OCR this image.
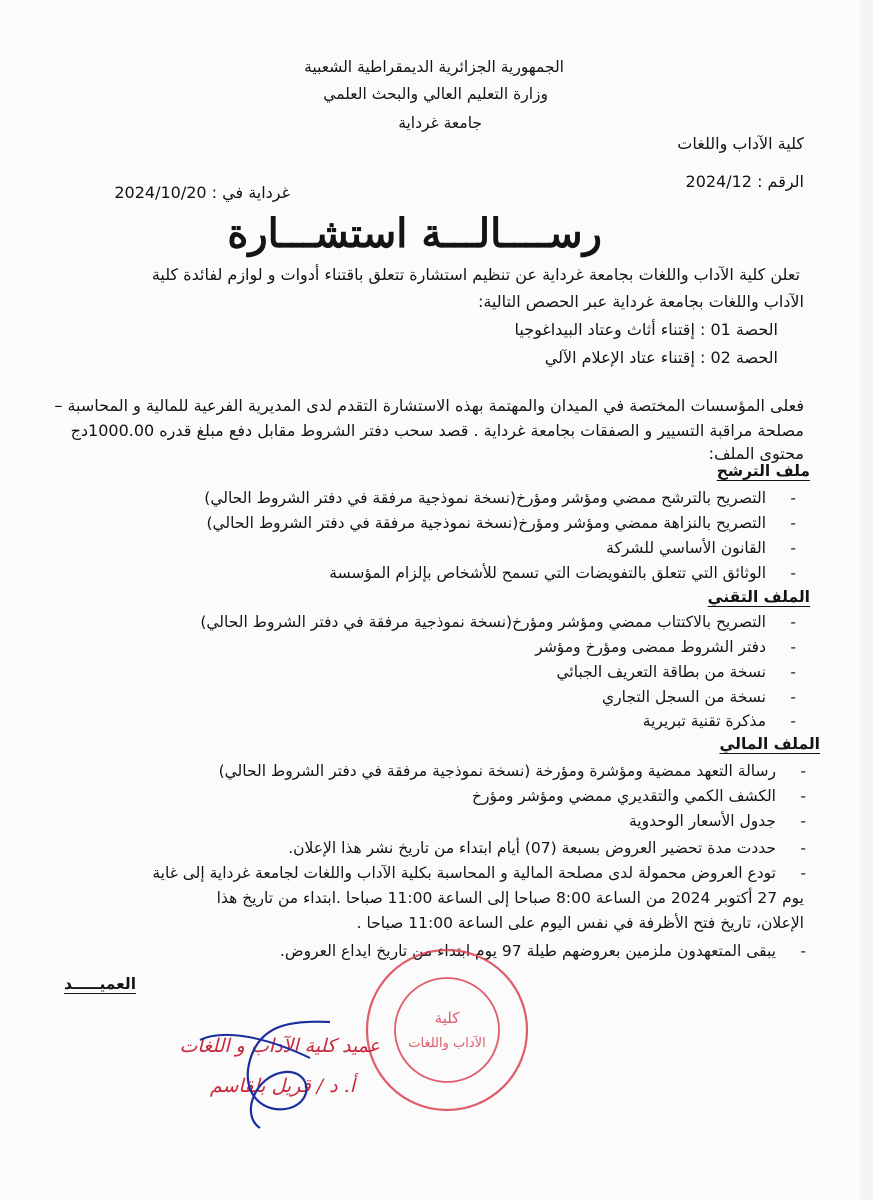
الجمهورية الجزائرية الديمقراطية الشعبية
وزارة التعليم العالي والبحث العلمي
جامعة غرداية
كلية الآداب واللغات
الرقم : 2024/12
غرداية في : 2024/10/20
رســــالـــة استشـــارة
تعلن كلية الآداب واللغات بجامعة غرداية عن تنظيم استشارة تتعلق باقتناء أدوات و لوازم لفائدة كلية
الآداب واللغات بجامعة غرداية عبر الحصص التالية:
الحصة 01 : إقتناء أثاث وعتاد البيداغوجيا
الحصة 02 : إقتناء عتاد الإعلام الآلي
فعلى المؤسسات المختصة في الميدان والمهتمة بهذه الاستشارة التقدم لدى المديرية الفرعية للمالية و المحاسبة –
مصلحة مراقبة التسيير و الصفقات بجامعة غرداية . قصد سحب دفتر الشروط مقابل دفع مبلغ قدره 1000.00دج
محتوى الملف:
ملف الترشح
-
التصريح بالترشح ممضي ومؤشر ومؤرخ(نسخة نموذجية مرفقة في دفتر الشروط الحالي)
-
التصريح بالنزاهة ممضي ومؤشر ومؤرخ(نسخة نموذجية مرفقة في دفتر الشروط الحالي)
-
القانون الأساسي للشركة
-
الوثائق التي تتعلق بالتفويضات التي تسمح للأشخاص بإلزام المؤسسة
الملف التقني
-
التصريح بالاكتتاب ممضي ومؤشر ومؤرخ(نسخة نموذجية مرفقة في دفتر الشروط الحالي)
-
دفتر الشروط ممضى ومؤرخ ومؤشر
-
نسخة من بطاقة التعريف الجبائي
-
نسخة من السجل التجاري
-
مذكرة تقنية تبريرية
الملف المالي
-
رسالة التعهد ممضية ومؤشرة ومؤرخة (نسخة نموذجية مرفقة في دفتر الشروط الحالي)
-
الكشف الكمي والتقديري ممضي ومؤشر ومؤرخ
-
جدول الأسعار الوحدوية
-
حددت مدة تحضير العروض بسبعة (07) أيام ابتداء من تاريخ نشر هذا الإعلان.
-
تودع العروض محمولة لدى مصلحة المالية و المحاسبة بكلية الآداب واللغات لجامعة غرداية إلى غاية
يوم 27 أكتوبر 2024 من الساعة 8:00 صباحا إلى الساعة 11:00 صباحا .ابتداء من تاريخ هذا
الإعلان، تاريخ فتح الأظرفة في نفس اليوم على الساعة 11:00 صباحا .
-
يبقى المتعهدون ملزمين بعروضهم طيلة 97 يوم ابتداء من تاريخ ايداع العروض.
العميـــــد
كلية
الآداب واللغات
عميد كلية الآداب و اللغات
أ. د / قريل بلقاسم
